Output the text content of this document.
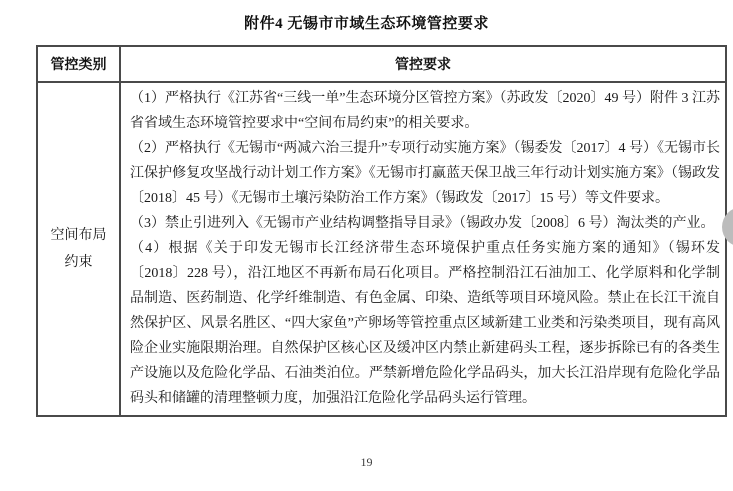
附件4 无锡市市域生态环境管控要求
管控类别	管控要求
空间布局约束	（1）严格执行《江苏省“三线一单”生态环境分区管控方案》（苏政发〔2020〕49 号）附件 3 江苏省省域生态环境管控要求中“空间布局约束”的相关要求。

（2）严格执行《无锡市“两减六治三提升”专项行动实施方案》（锡委发〔2017〕4 号）《无锡市长江保护修复攻坚战行动计划工作方案》《无锡市打赢蓝天保卫战三年行动计划实施方案》（锡政发〔2018〕45 号）《无锡市土壤污染防治工作方案》（锡政发〔2017〕15 号）等文件要求。

（3）禁止引进列入《无锡市产业结构调整指导目录》（锡政办发〔2008〕6 号）淘汰类的产业。

（4）根据《关于印发无锡市长江经济带生态环境保护重点任务实施方案的通知》（锡环发〔2018〕228 号），沿江地区不再新布局石化项目。严格控制沿江石油加工、化学原料和化学制品制造、医药制造、化学纤维制造、有色金属、印染、造纸等项目环境风险。禁止在长江干流自然保护区、风景名胜区、“四大家鱼”产卵场等管控重点区域新建工业类和污染类项目，现有高风险企业实施限期治理。自然保护区核心区及缓冲区内禁止新建码头工程，逐步拆除已有的各类生产设施以及危险化学品、石油类泊位。严禁新增危险化学品码头，加大长江沿岸现有危险化学品码头和储罐的清理整顿力度，加强沿江危险化学品码头运行管理。

19
